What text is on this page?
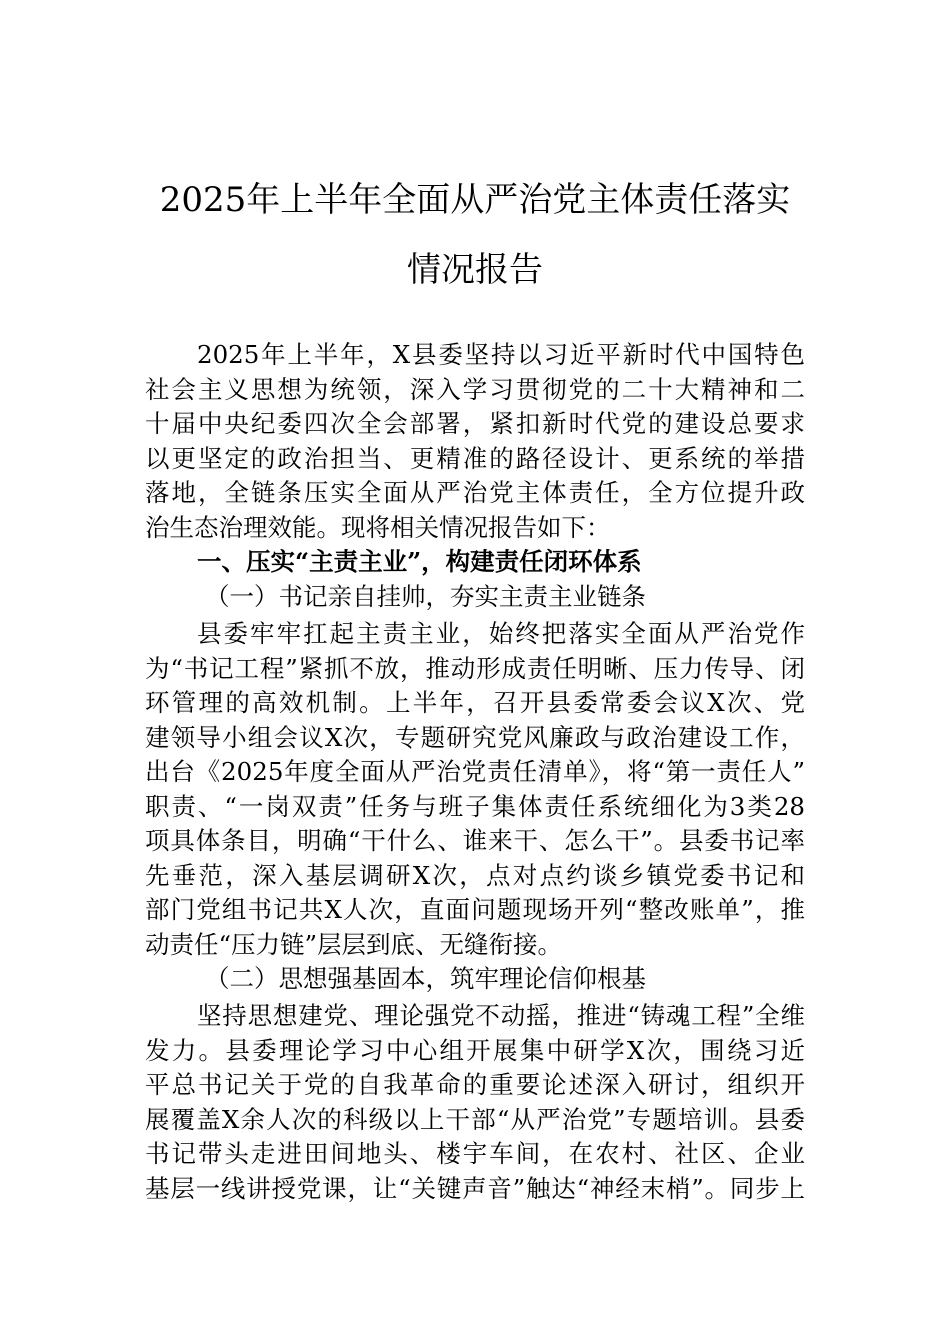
2025年上半年全面从严治党主体责任落实
情况报告
2025年上半年，X县委坚持以习近平新时代中国特色
社会主义思想为统领，深入学习贯彻党的二十大精神和二
十届中央纪委四次全会部署，紧扣新时代党的建设总要求
以更坚定的政治担当、更精准的路径设计、更系统的举措
落地，全链条压实全面从严治党主体责任，全方位提升政
治生态治理效能。现将相关情况报告如下：
一、压实“主责主业”，构建责任闭环体系
（一）书记亲自挂帅，夯实主责主业链条
县委牢牢扛起主责主业，始终把落实全面从严治党作
为“书记工程”紧抓不放，推动形成责任明晰、压力传导、闭
环管理的高效机制。上半年，召开县委常委会议X次、党
建领导小组会议X次，专题研究党风廉政与政治建设工作，
出台《2025年度全面从严治党责任清单》，将“第一责任人”
职责、“一岗双责”任务与班子集体责任系统细化为3类28
项具体条目，明确“干什么、谁来干、怎么干”。县委书记率
先垂范，深入基层调研X次，点对点约谈乡镇党委书记和
部门党组书记共X人次，直面问题现场开列“整改账单”，推
动责任“压力链”层层到底、无缝衔接。
（二）思想强基固本，筑牢理论信仰根基
坚持思想建党、理论强党不动摇，推进“铸魂工程”全维
发力。县委理论学习中心组开展集中研学X次，围绕习近
平总书记关于党的自我革命的重要论述深入研讨，组织开
展覆盖X余人次的科级以上干部“从严治党”专题培训。县委
书记带头走进田间地头、楼宇车间，在农村、社区、企业
基层一线讲授党课，让“关键声音”触达“神经末梢”。同步上
